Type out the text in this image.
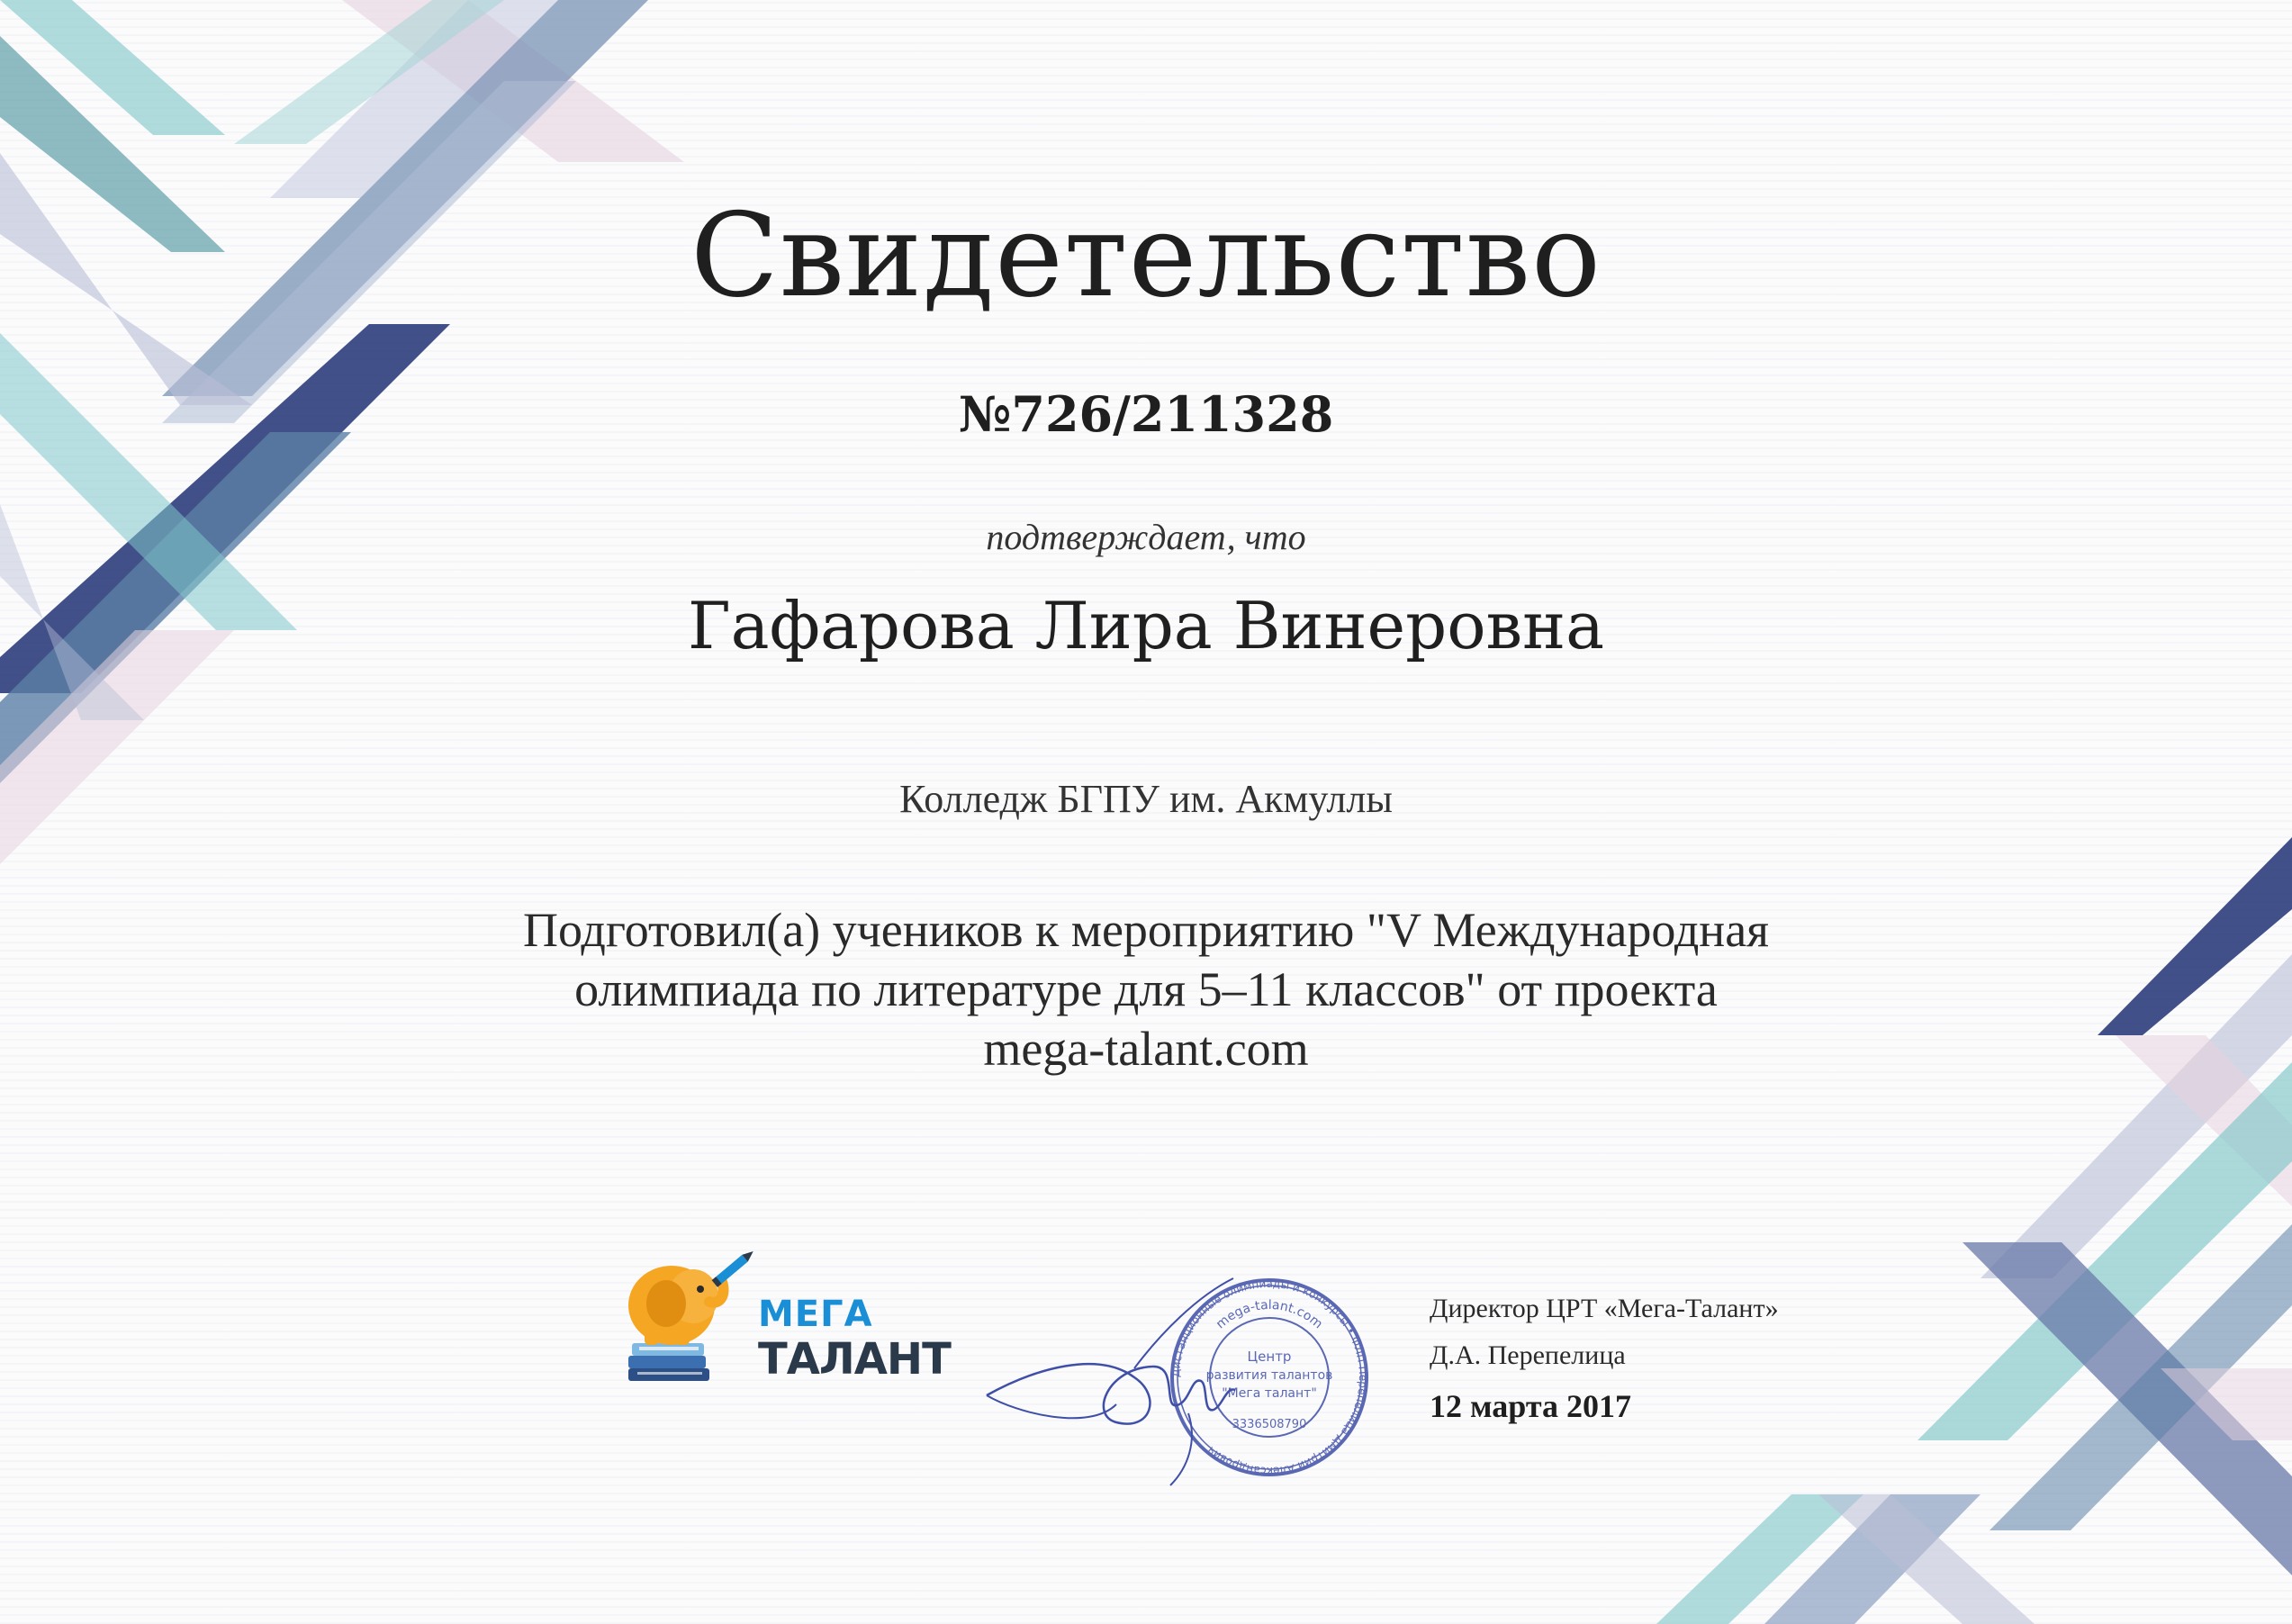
Свидетельство
№726/211328
подтверждает, что
Гафарова Лира Винеровна
Колледж БГПУ им. Акмуллы
Подготовил(а) учеников к мероприятию "V Международная
олимпиада по литературе для 5–11 классов" от проекта
mega-talant.com
МЕГА
ТАЛАНТ	Дистанционные олимпиады и конкурсы • ФЛП Перепелица Дмитрий Александрович
mega-talant.com
Центр
развития талантов
"Мега талант"
3336508790
Директор ЦРТ «Мега-Талант»
Д.А. Перепелица
12 марта 2017
